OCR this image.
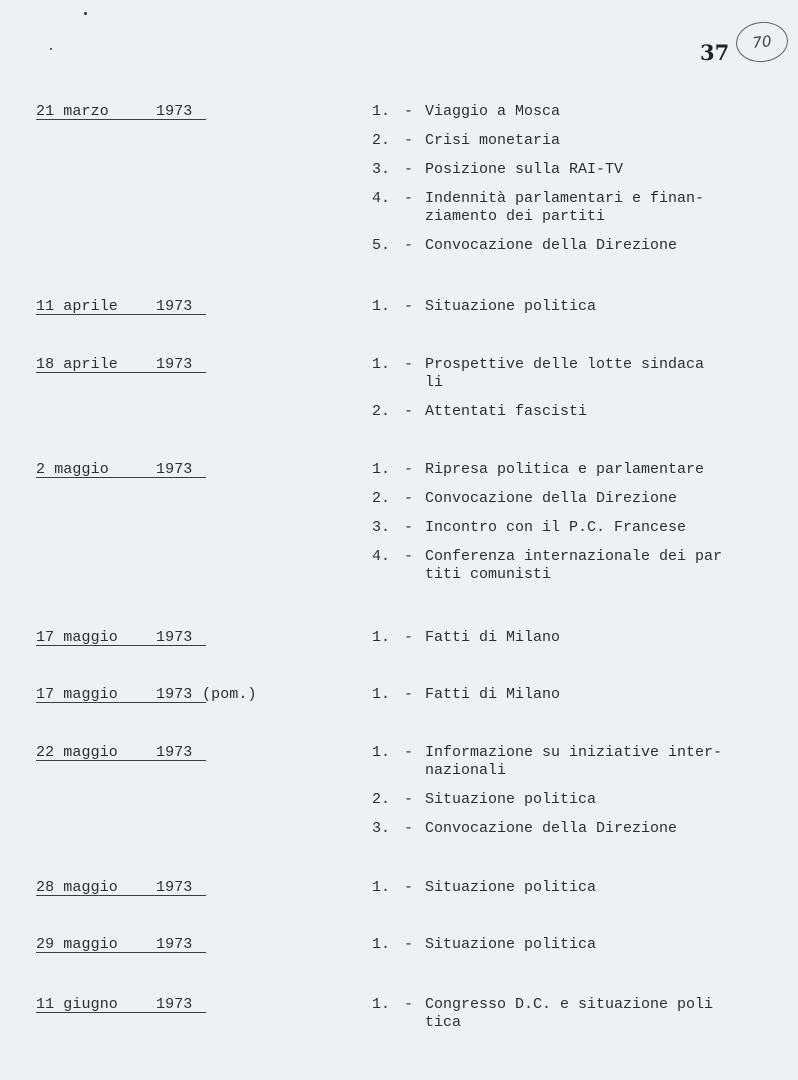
37	70
21 marzo	1973	1. - Viaggio a Mosca
2. - Crisi monetaria
3. - Posizione sulla RAI-TV
4. - Indennità parlamentari e finan-
ziamento dei partiti
5. - Convocazione della Direzione
11 aprile	1973	1. - Situazione politica
18 aprile	1973	1. - Prospettive delle lotte sindaca
li
2. - Attentati fascisti
2 maggio	1973	1. - Ripresa politica e parlamentare
2. - Convocazione della Direzione
3. - Incontro con il P.C. Francese
4. - Conferenza internazionale dei par
titi comunisti
17 maggio	1973	1. - Fatti di Milano
17 maggio	1973 (pom.)	1. - Fatti di Milano
22 maggio	1973	1. - Informazione su iniziative inter-
nazionali
2. - Situazione politica
3. - Convocazione della Direzione
28 maggio	1973	1. - Situazione politica
29 maggio	1973	1. - Situazione politica
11 giugno	1973	1. - Congresso D.C. e situazione poli
tica
